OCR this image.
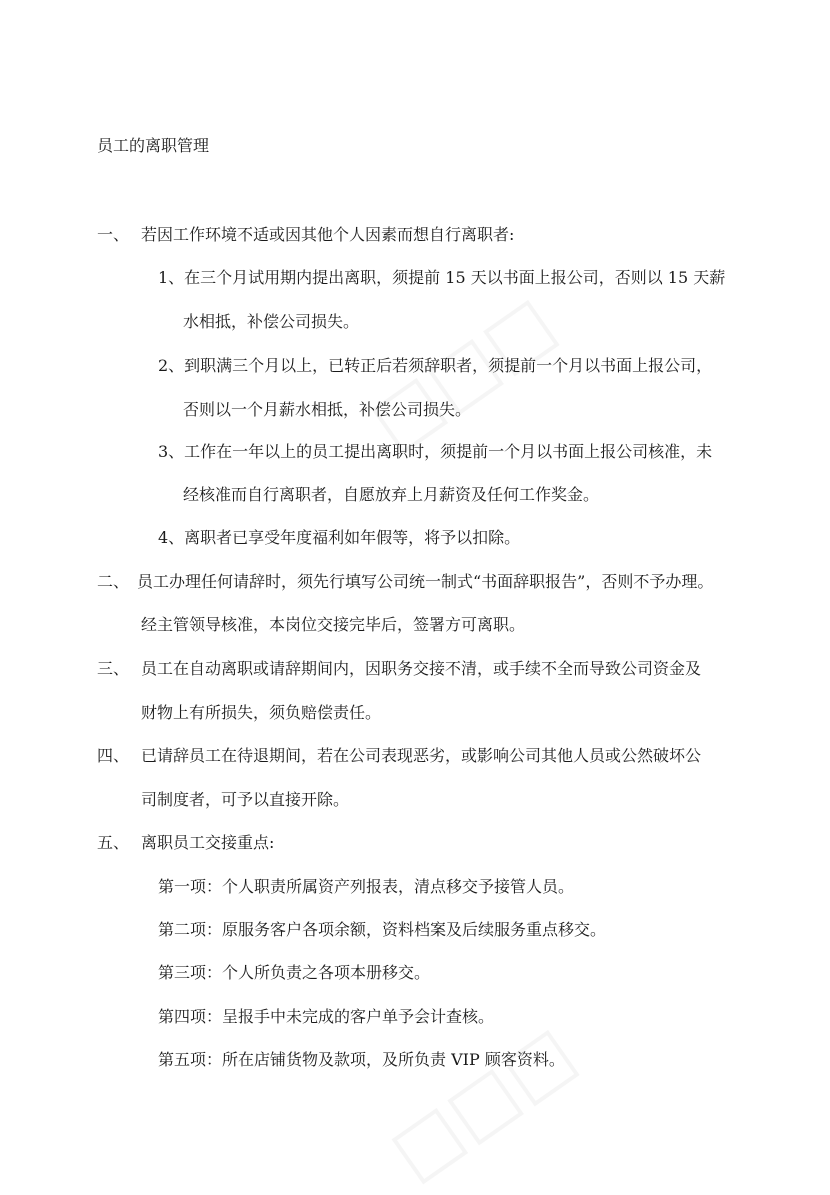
员工的离职管理
一、 若因工作环境不适或因其他个人因素而想自行离职者:
1、在三个月试用期内提出离职，须提前 15 天以书面上报公司，否则以 15 天薪
水相抵，补偿公司损失。
2、到职满三个月以上，已转正后若须辞职者，须提前一个月以书面上报公司，
否则以一个月薪水相抵，补偿公司损失。
3、工作在一年以上的员工提出离职时，须提前一个月以书面上报公司核准，未
经核准而自行离职者，自愿放弃上月薪资及任何工作奖金。
4、离职者已享受年度福利如年假等，将予以扣除。
二、 员工办理任何请辞时，须先行填写公司统一制式“书面辞职报告”，否则不予办理。
经主管领导核准，本岗位交接完毕后，签署方可离职。
三、 员工在自动离职或请辞期间内，因职务交接不清，或手续不全而导致公司资金及
财物上有所损失，须负赔偿责任。
四、 已请辞员工在待退期间，若在公司表现恶劣，或影响公司其他人员或公然破坏公
司制度者，可予以直接开除。
五、 离职员工交接重点:
第一项：个人职责所属资产列报表，清点移交予接管人员。
第二项：原服务客户各项余额，资料档案及后续服务重点移交。
第三项：个人所负责之各项本册移交。
第四项：呈报手中未完成的客户单予会计查核。
第五项：所在店铺货物及款项，及所负责 VIP 顾客资料。
